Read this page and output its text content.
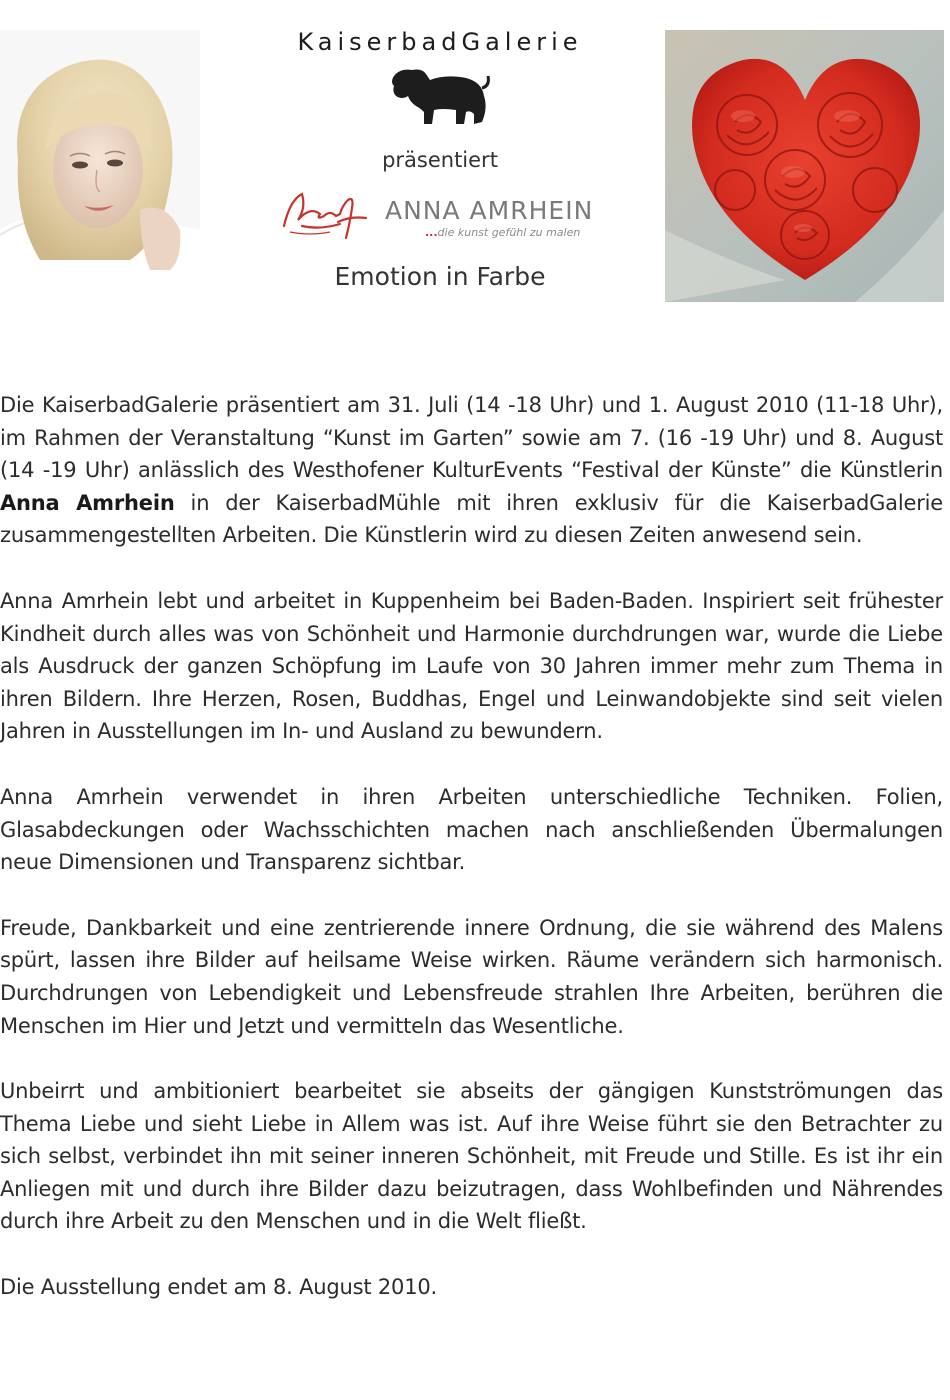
KaiserbadGalerie
präsentiert
ANNA AMRHEIN
...die kunst gefühl zu malen
Emotion in Farbe

Die KaiserbadGalerie präsentiert am 31. Juli (14 -18 Uhr) und 1. August 2010 (11-18 Uhr), im Rahmen der Veranstaltung “Kunst im Garten” sowie am 7. (16 -19 Uhr) und 8. August (14 -19 Uhr) anlässlich des Westhofener KulturEvents “Festival der Künste” die Künstlerin Anna Amrhein in der KaiserbadMühle mit ihren exklusiv für die KaiserbadGalerie zusammengestellten Arbeiten. Die Künstlerin wird zu diesen Zeiten anwesend sein.

Anna Amrhein lebt und arbeitet in Kuppenheim bei Baden-Baden. Inspiriert seit frühester Kindheit durch alles was von Schönheit und Harmonie durchdrungen war, wurde die Liebe als Ausdruck der ganzen Schöpfung im Laufe von 30 Jahren immer mehr zum Thema in ihren Bildern. Ihre Herzen, Rosen, Buddhas, Engel und Leinwandobjekte sind seit vielen Jahren in Ausstellungen im In- und Ausland zu bewundern.

Anna Amrhein verwendet in ihren Arbeiten unterschiedliche Techniken. Folien, Glasabdeckungen oder Wachsschichten machen nach anschließenden Übermalungen neue Dimensionen und Transparenz sichtbar.

Freude, Dankbarkeit und eine zentrierende innere Ordnung, die sie während des Malens spürt, lassen ihre Bilder auf heilsame Weise wirken. Räume verändern sich harmonisch. Durchdrungen von Lebendigkeit und Lebensfreude strahlen Ihre Arbeiten, berühren die Menschen im Hier und Jetzt und vermitteln das Wesentliche.

Unbeirrt und ambitioniert bearbeitet sie abseits der gängigen Kunstströmungen das Thema Liebe und sieht Liebe in Allem was ist. Auf ihre Weise führt sie den Betrachter zu sich selbst, verbindet ihn mit seiner inneren Schönheit, mit Freude und Stille. Es ist ihr ein Anliegen mit und durch ihre Bilder dazu beizutragen, dass Wohlbefinden und Nährendes durch ihre Arbeit zu den Menschen und in die Welt fließt.

Die Ausstellung endet am 8. August 2010.
